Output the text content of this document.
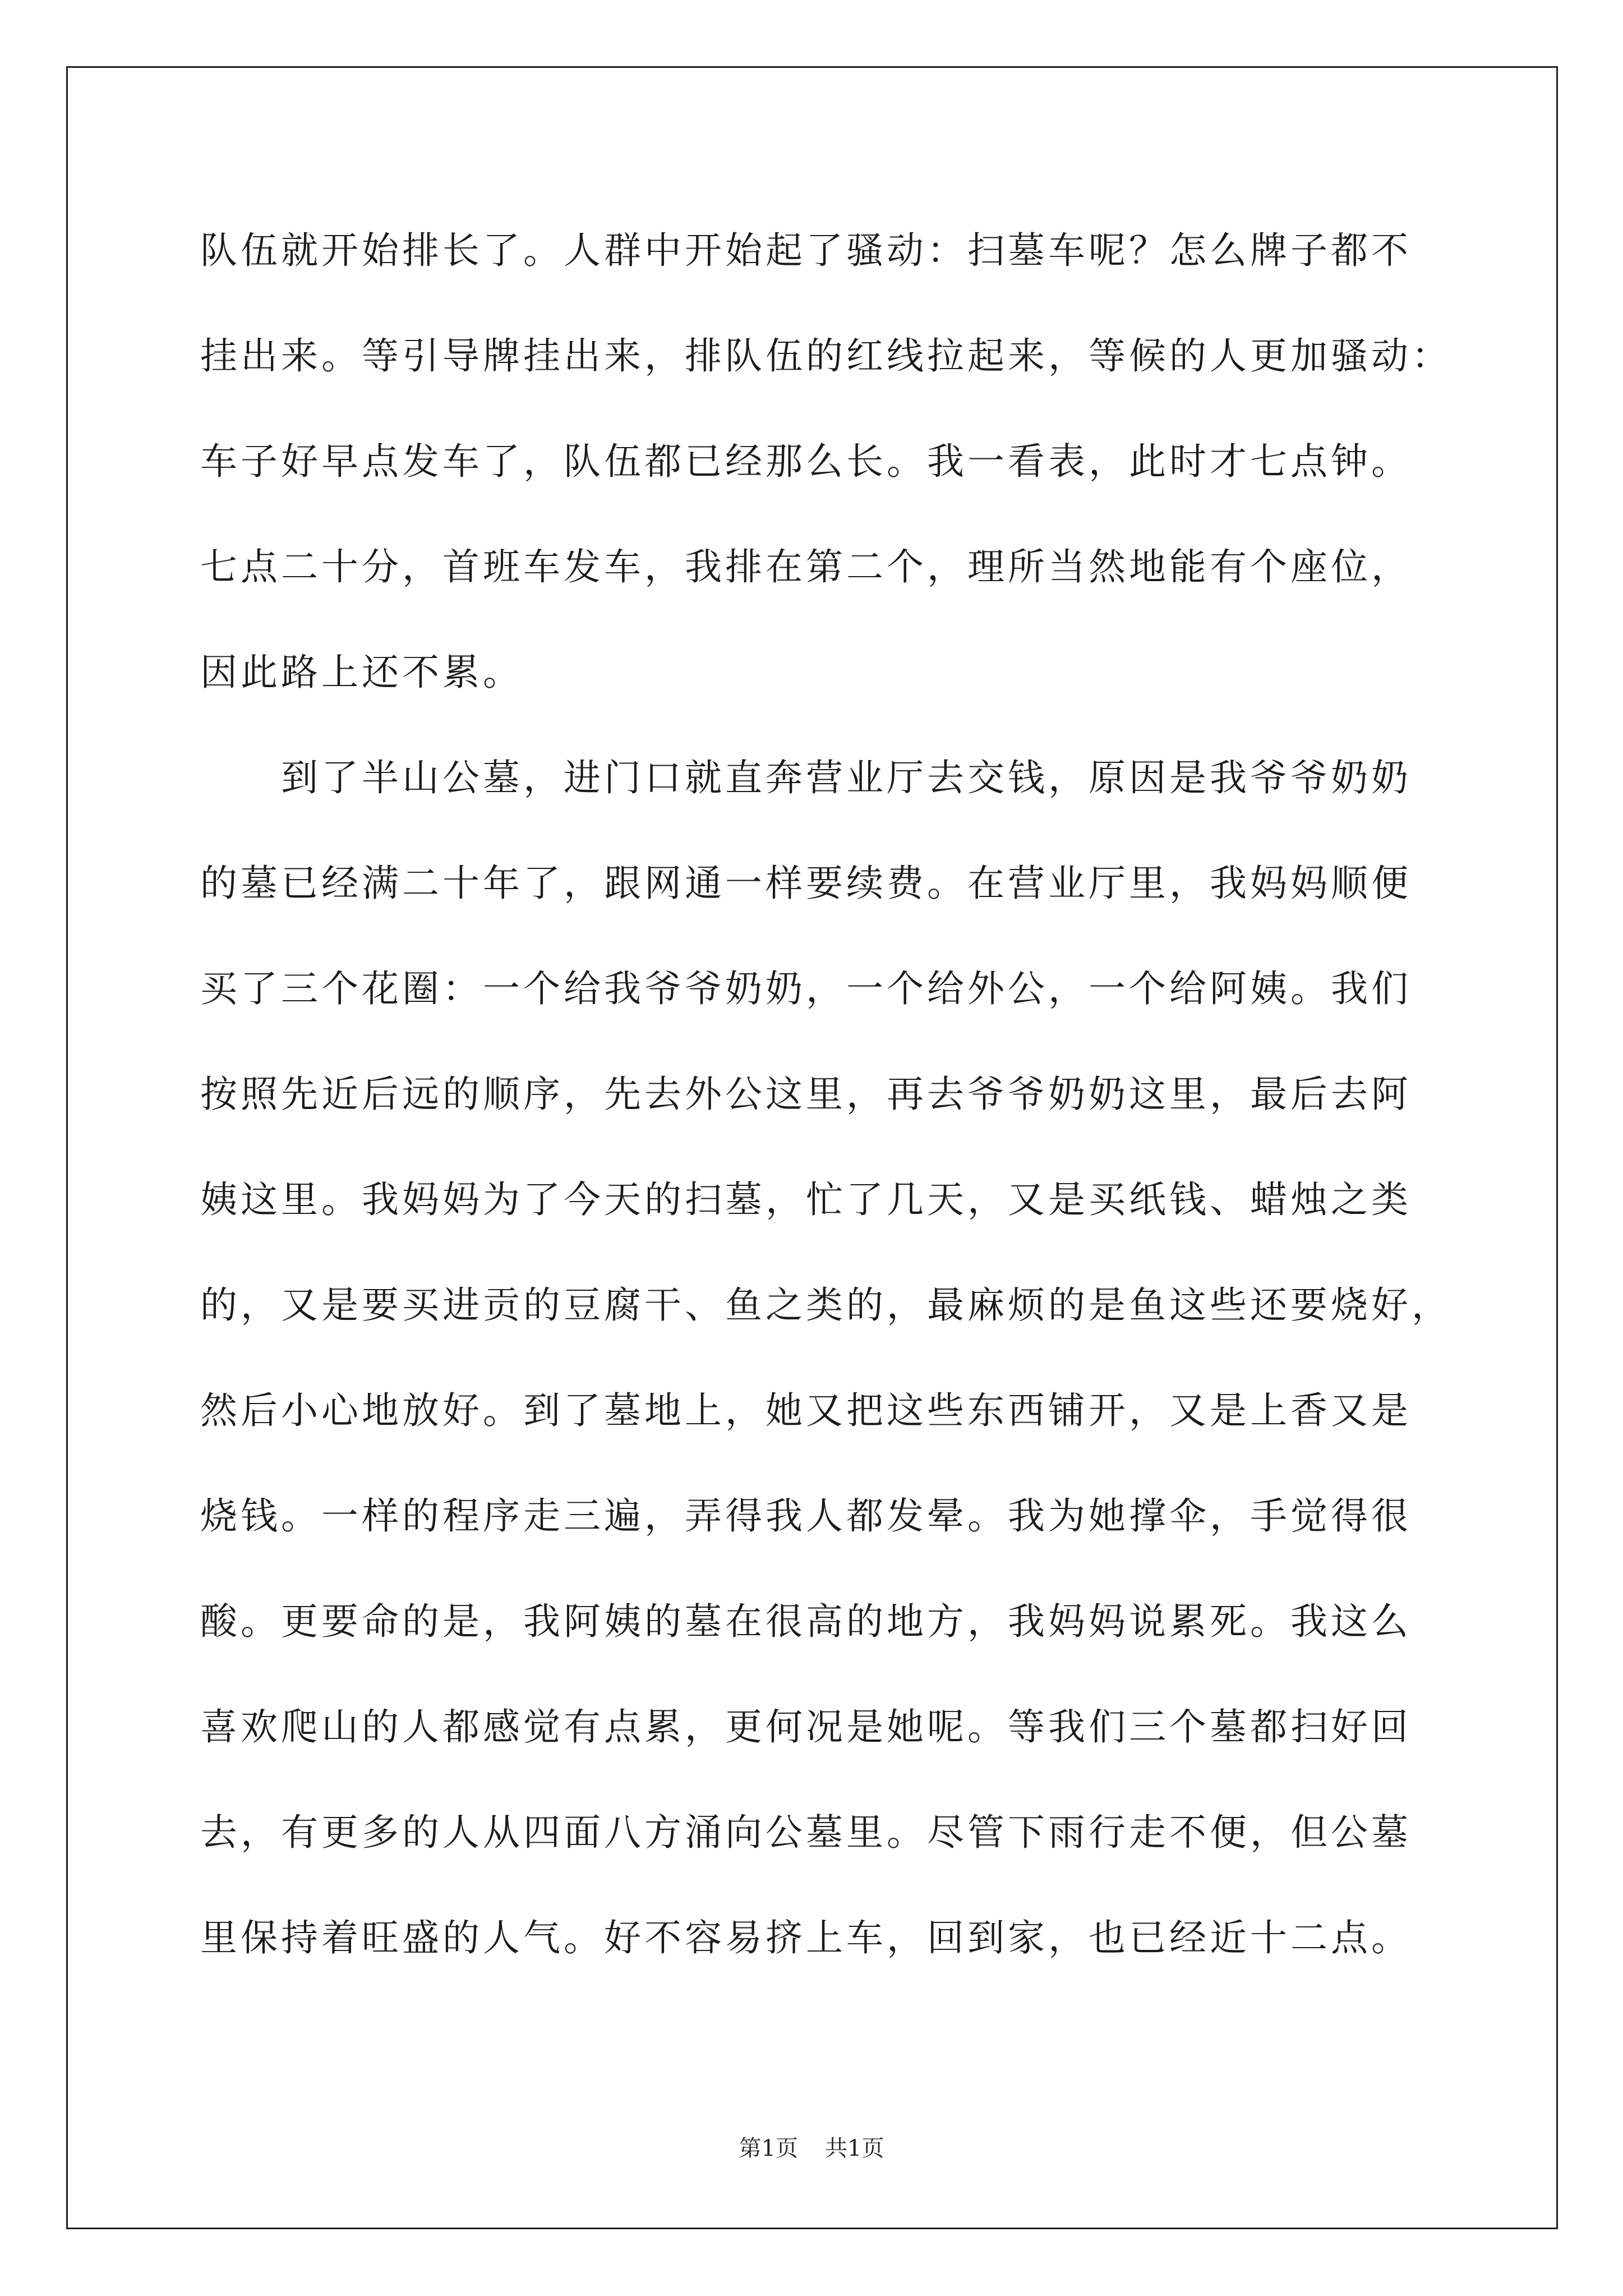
队伍就开始排长了。人群中开始起了骚动：扫墓车呢？怎么牌子都不
挂出来。等引导牌挂出来，排队伍的红线拉起来，等候的人更加骚动：
车子好早点发车了，队伍都已经那么长。我一看表，此时才七点钟。
七点二十分，首班车发车，我排在第二个，理所当然地能有个座位，
因此路上还不累。
　　到了半山公墓，进门口就直奔营业厅去交钱，原因是我爷爷奶奶
的墓已经满二十年了，跟网通一样要续费。在营业厅里，我妈妈顺便
买了三个花圈：一个给我爷爷奶奶，一个给外公，一个给阿姨。我们
按照先近后远的顺序，先去外公这里，再去爷爷奶奶这里，最后去阿
姨这里。我妈妈为了今天的扫墓，忙了几天，又是买纸钱、蜡烛之类
的，又是要买进贡的豆腐干、鱼之类的，最麻烦的是鱼这些还要烧好，
然后小心地放好。到了墓地上，她又把这些东西铺开，又是上香又是
烧钱。一样的程序走三遍，弄得我人都发晕。我为她撑伞，手觉得很
酸。更要命的是，我阿姨的墓在很高的地方，我妈妈说累死。我这么
喜欢爬山的人都感觉有点累，更何况是她呢。等我们三个墓都扫好回
去，有更多的人从四面八方涌向公墓里。尽管下雨行走不便，但公墓
里保持着旺盛的人气。好不容易挤上车，回到家，也已经近十二点。
第1页 共1页
